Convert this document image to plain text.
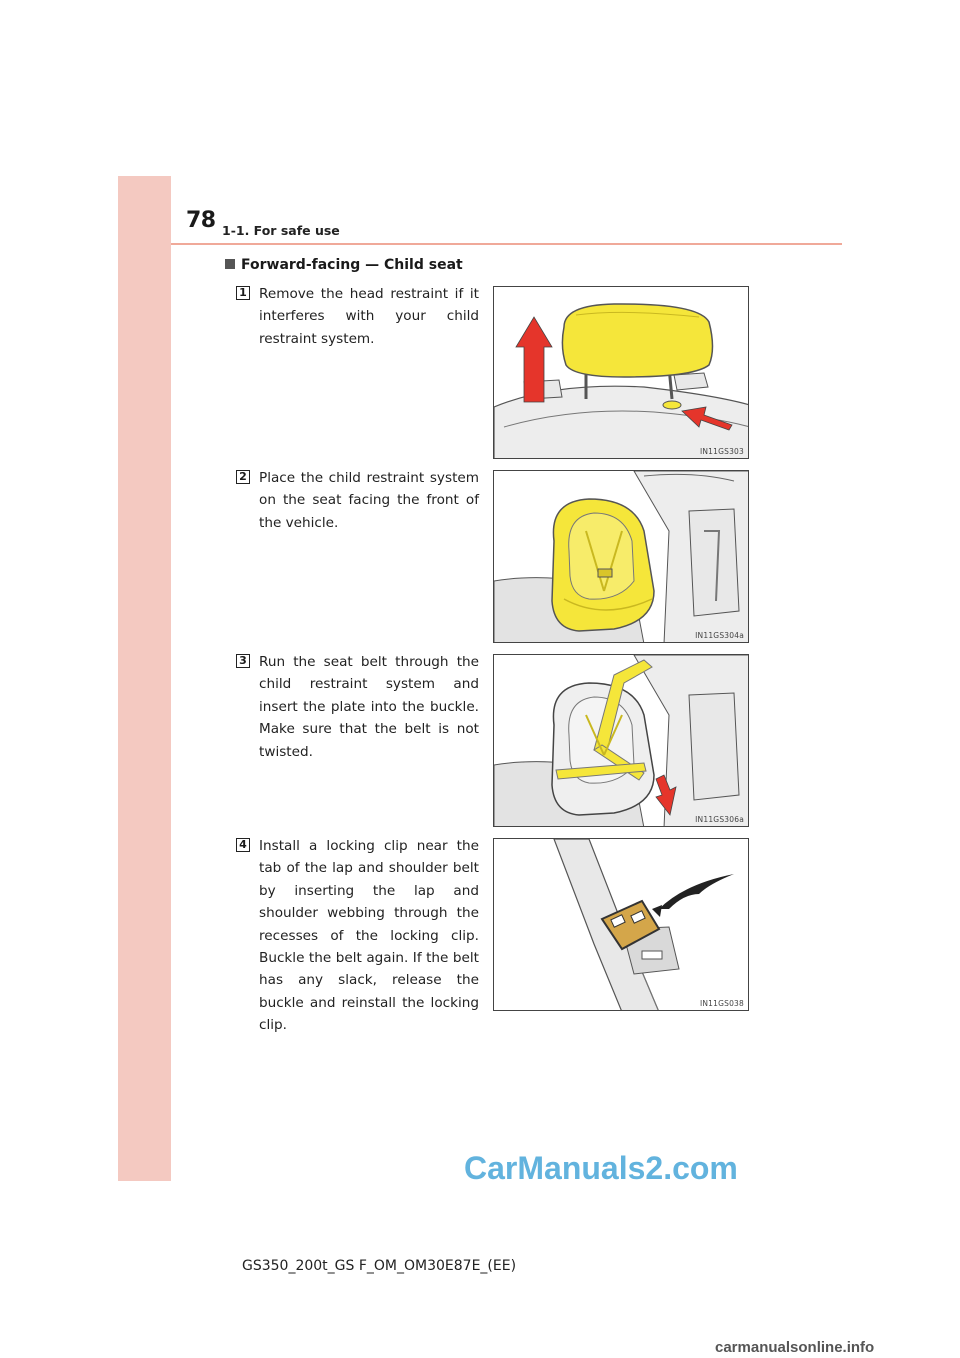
78 1-1. For safe use
Forward-facing — Child seat
1 Remove the head restraint if it interferes with your child restraint system.
IN11GS303
2 Place the child restraint system on the seat facing the front of the vehicle.
IN11GS304a
3 Run the seat belt through the child restraint system and insert the plate into the buckle. Make sure that the belt is not twisted.
IN11GS306a
4 Install a locking clip near the tab of the lap and shoulder belt by inserting the lap and shoulder webbing through the recesses of the locking clip. Buckle the belt again. If the belt has any slack, release the buckle and reinstall the locking clip.
IN11GS038
GS350_200t_GS F_OM_OM30E87E_(EE)
CarManuals2.com
carmanualsonline.info
